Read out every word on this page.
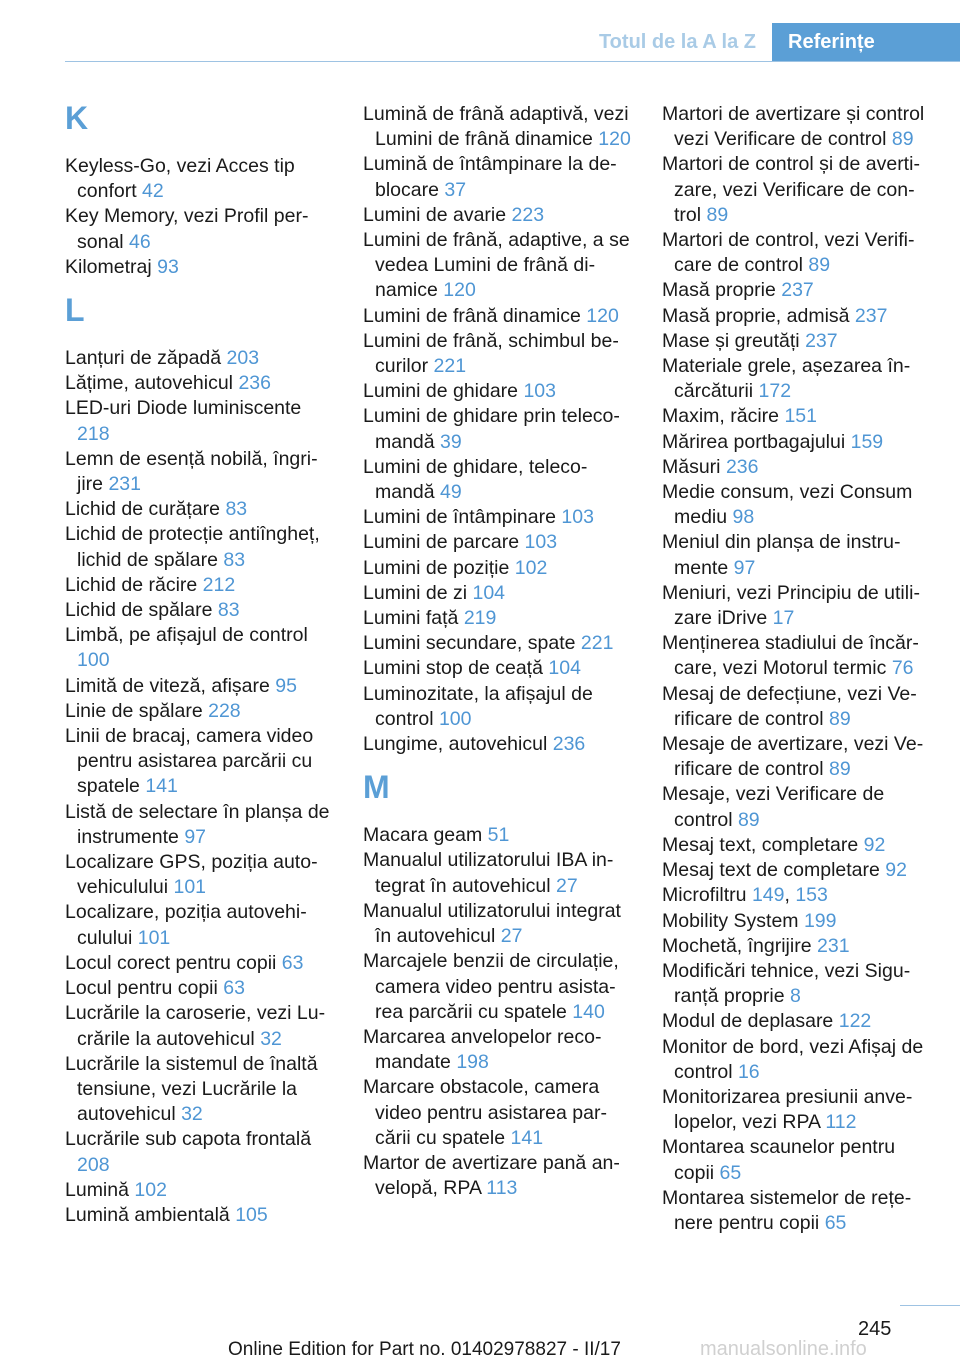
Totul de la A la Z	Referințe
K
Keyless-Go, vezi Acces tip confort 42
Key Memory, vezi Profil personal 46
Kilometraj 93
L
Lanțuri de zăpadă 203
Lățime, autovehicul 236
LED-uri Diode luminiscente 218
Lemn de esență nobilă, îngrijire 231
Lichid de curățare 83
Lichid de protecție antiîngheț, lichid de spălare 83
Lichid de răcire 212
Lichid de spălare 83
Limbă, pe afișajul de control 100
Limită de viteză, afișare 95
Linie de spălare 228
Linii de bracaj, camera video pentru asistarea parcării cu spatele 141
Listă de selectare în planșa de instrumente 97
Localizare GPS, poziția autovehiculului 101
Localizare, poziția autovehiculului 101
Locul corect pentru copii 63
Locul pentru copii 63
Lucrările la caroserie, vezi Lucrările la autovehicul 32
Lucrările la sistemul de înaltă tensiune, vezi Lucrările la autovehicul 32
Lucrările sub capota frontală 208
Lumină 102
Lumină ambientală 105
Lumină de frână adaptivă, vezi Lumini de frână dinamice 120
Lumină de întâmpinare la deblocare 37
Lumini de avarie 223
Lumini de frână, adaptive, a se vedea Lumini de frână dinamice 120
Lumini de frână dinamice 120
Lumini de frână, schimbul becurilor 221
Lumini de ghidare 103
Lumini de ghidare prin telecomandă 39
Lumini de ghidare, telecomandă 49
Lumini de întâmpinare 103
Lumini de parcare 103
Lumini de poziție 102
Lumini de zi 104
Lumini față 219
Lumini secundare, spate 221
Lumini stop de ceață 104
Luminozitate, la afișajul de control 100
Lungime, autovehicul 236
M
Macara geam 51
Manualul utilizatorului IBA integrat în autovehicul 27
Manualul utilizatorului integrat în autovehicul 27
Marcajele benzii de circulație, camera video pentru asistarea parcării cu spatele 140
Marcarea anvelopelor recomandate 198
Marcare obstacole, camera video pentru asistarea parcării cu spatele 141
Martor de avertizare pană anvelopă, RPA 113
Martori de avertizare și control vezi Verificare de control 89
Martori de control și de avertizare, vezi Verificare de control 89
Martori de control, vezi Verificare de control 89
Masă proprie 237
Masă proprie, admisă 237
Mase și greutăți 237
Materiale grele, așezarea încărcăturii 172
Maxim, răcire 151
Mărirea portbagajului 159
Măsuri 236
Medie consum, vezi Consum mediu 98
Meniul din planșa de instrumente 97
Meniuri, vezi Principiu de utilizare iDrive 17
Menținerea stadiului de încărcare, vezi Motorul termic 76
Mesaj de defecțiune, vezi Verificare de control 89
Mesaje de avertizare, vezi Verificare de control 89
Mesaje, vezi Verificare de control 89
Mesaj text, completare 92
Mesaj text de completare 92
Microfiltru 149, 153
Mobility System 199
Mochetă, îngrijire 231
Modificări tehnice, vezi Siguranță proprie 8
Modul de deplasare 122
Monitor de bord, vezi Afișaj de control 16
Monitorizarea presiunii anvelopelor, vezi RPA 112
Montarea scaunelor pentru copii 65
Montarea sistemelor de rețenere pentru copii 65
245
Online Edition for Part no. 01402978827 - II/17	manualsonline.info
